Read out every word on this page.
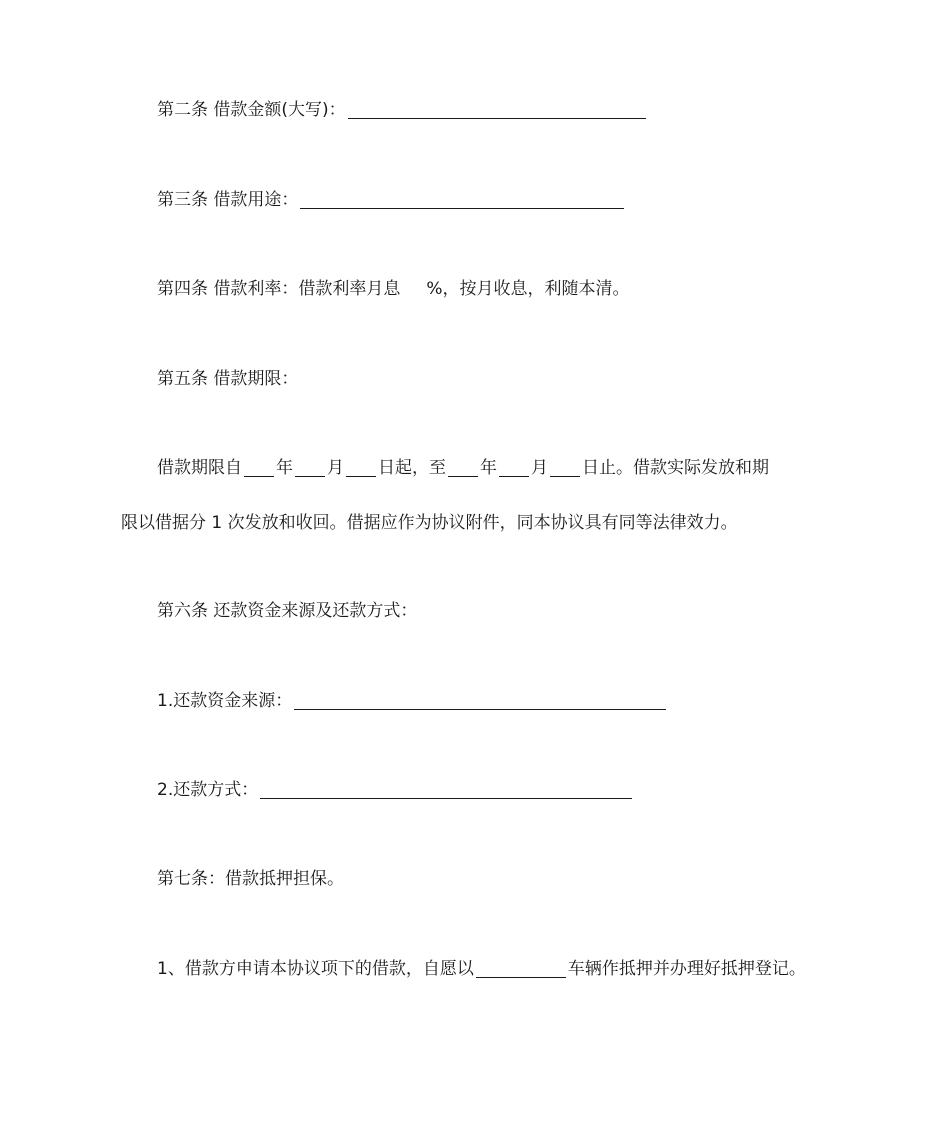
第二条 借款金额(大写)：
第三条 借款用途：
第四条 借款利率：借款利率月息 %，按月收息，利随本清。
第五条 借款期限：
借款期限自 年 月 日起，至 年 月 日止。借款实际发放和期
限以借据分 1 次发放和收回。借据应作为协议附件，同本协议具有同等法律效力。
第六条 还款资金来源及还款方式：
1.还款资金来源：
2.还款方式：
第七条：借款抵押担保。
1、借款方申请本协议项下的借款，自愿以	车辆作抵押并办理好抵押登记。
